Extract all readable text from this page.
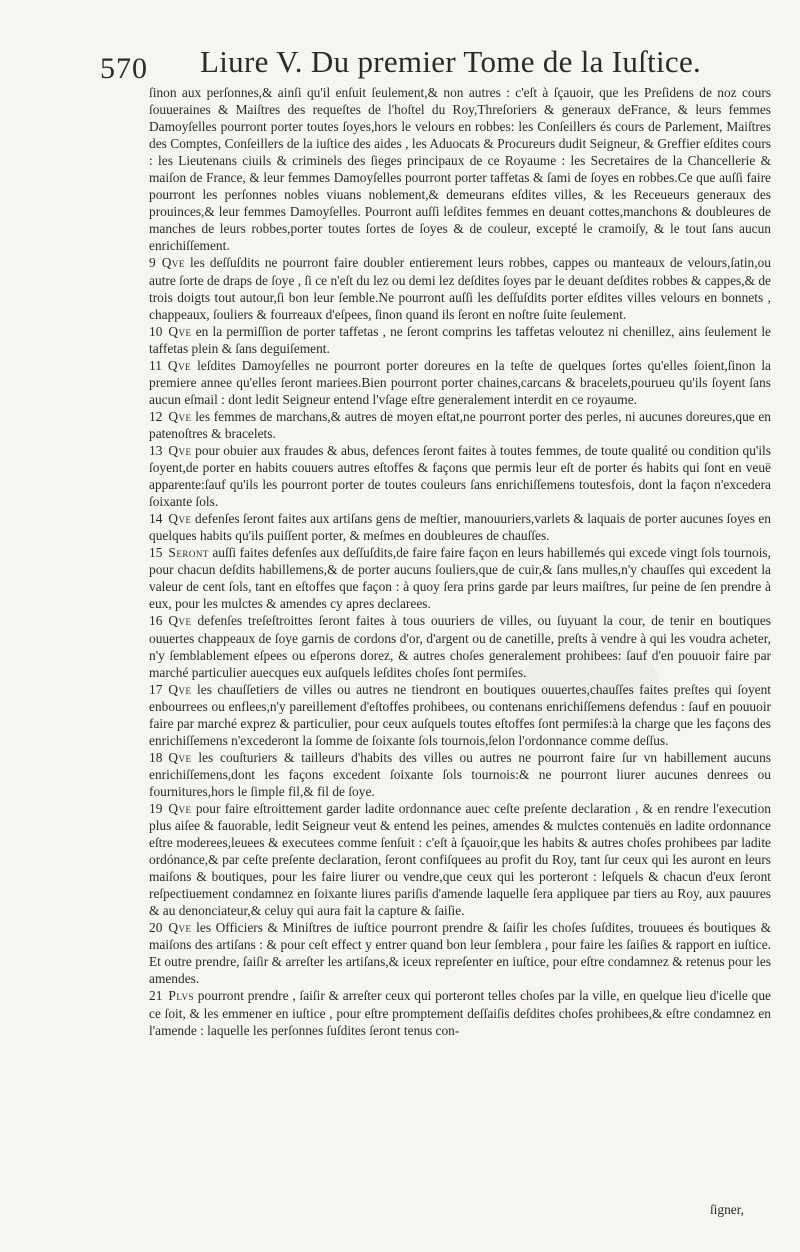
570 Liure V. Du premier Tome de la Iuſtice.

ſinon aux perſonnes,& ainſi qu'il enſuit ſeulement,& non autres : c'eſt à ſçauoir, que les Preſidens de noz cours ſouueraines & Maiſtres des requeſtes de l'hoſtel du Roy,Threſoriers & generaux deFrance, & leurs femmes Damoyſelles pourront porter toutes ſoyes,hors le velours en robbes: les Conſeillers és cours de Parlement, Maiſtres des Comptes, Conſeillers de la iuſtice des aides , les Aduocats & Procureurs dudit Seigneur, & Greffier eſdites cours : les Lieutenans ciuils & criminels des ſieges principaux de ce Royaume : les Secretaires de la Chancellerie & maiſon de France, & leur femmes Damoyſelles pourront porter taffetas & ſami de ſoyes en robbes.Ce que auſſi faire pourront les perſonnes nobles viuans noblement,& demeurans eſdites villes, & les Receueurs generaux des prouinces,& leur femmes Damoyſelles. Pourront auſſi leſdites femmes en deuant cottes,manchons & doubleures de manches de leurs robbes,porter toutes ſortes de ſoyes & de couleur, excepté le cramoiſy, & le tout ſans aucun enrichiſſement.

9 Qve les deſſuſdits ne pourront faire doubler entierement leurs robbes, cappes ou manteaux de velours,ſatin,ou autre ſorte de draps de ſoye , ſi ce n'eſt du lez ou demi lez deſdites ſoyes par le deuant deſdites robbes & cappes,& de trois doigts tout autour,ſi bon leur ſemble.Ne pourront auſſi les deſſuſdits porter eſdites villes velours en bonnets , chappeaux, ſouliers & fourreaux d'eſpees, ſinon quand ils ſeront en noſtre ſuite ſeulement.

10 Qve en la permiſſion de porter taffetas , ne ſeront comprins les taffetas veloutez ni chenillez, ains ſeulement le taffetas plein & ſans deguiſement.

11 Qve leſdites Damoyſelles ne pourront porter doreures en la teſte de quelques ſortes qu'elles ſoient,ſinon la premiere annee qu'elles ſeront mariees.Bien pourront porter chaines,carcans & bracelets,pourueu qu'ils ſoyent ſans aucun eſmail : dont ledit Seigneur entend l'vſage eſtre generalement interdit en ce royaume.

12 Qve les femmes de marchans,& autres de moyen eſtat,ne pourront porter des perles, ni aucunes doreures,que en patenoſtres & bracelets.

13 Qve pour obuier aux fraudes & abus, defences ſeront faites à toutes femmes, de toute qualité ou condition qu'ils ſoyent,de porter en habits couuers autres eſtoffes & façons que permis leur eſt de porter és habits qui ſont en veuë apparente:ſauf qu'ils les pourront porter de toutes couleurs ſans enrichiſſemens toutesfois, dont la façon n'excedera ſoixante ſols.

14 Qve defenſes ſeront faites aux artiſans gens de meſtier, manouuriers,varlets & laquais de porter aucunes ſoyes en quelques habits qu'ils puiſſent porter, & meſmes en doubleures de chauſſes.

15 Seront auſſi faites defenſes aux deſſuſdits,de faire faire façon en leurs habillemés qui excede vingt ſols tournois, pour chacun deſdits habillemens,& de porter aucuns ſouliers,que de cuir,& ſans mulles,n'y chauſſes qui excedent la valeur de cent ſols, tant en eſtoffes que façon : à quoy ſera prins garde par leurs maiſtres, ſur peine de ſen prendre à eux, pour les mulctes & amendes cy apres declarees.

16 Qve defenſes treſeſtroittes ſeront faites à tous ouuriers de villes, ou ſuyuant la cour, de tenir en boutiques ouuertes chappeaux de ſoye garnis de cordons d'or, d'argent ou de canetille, preſts à vendre à qui les voudra acheter, n'y ſemblablement eſpees ou eſperons dorez, & autres choſes generalement prohibees: ſauf d'en pouuoir faire par marché particulier auecques eux auſquels leſdites choſes ſont permiſes.

17 Qve les chauſſetiers de villes ou autres ne tiendront en boutiques ouuertes,chauſſes faites preſtes qui ſoyent enbourrees ou enflees,n'y pareillement d'eſtoffes prohibees, ou contenans enrichiſſemens defendus : ſauf en pouuoir faire par marché exprez & particulier, pour ceux auſquels toutes eſtoffes ſont permiſes:à la charge que les façons des enrichiſſemens n'excederont la ſomme de ſoixante ſols tournois,ſelon l'ordonnance comme deſſus.

18 Qve les couſturiers & tailleurs d'habits des villes ou autres ne pourront faire ſur vn habillement aucuns enrichiſſemens,dont les façons excedent ſoixante ſols tournois:& ne pourront liurer aucunes denrees ou fournitures,hors le ſimple fil,& fil de ſoye.

19 Qve pour faire eſtroittement garder ladite ordonnance auec ceſte preſente declaration , & en rendre l'execution plus aiſee & fauorable, ledit Seigneur veut & entend les peines, amendes & mulctes contenuës en ladite ordonnance eſtre moderees,leuees & executees comme ſenſuit : c'eſt à ſçauoir,que les habits & autres choſes prohibees par ladite ordónance,& par ceſte preſente declaration, ſeront confiſquees au profit du Roy, tant ſur ceux qui les auront en leurs maiſons & boutiques, pour les faire liurer ou vendre,que ceux qui les porteront : leſquels & chacun d'eux ſeront reſpectiuement condamnez en ſoixante liures pariſis d'amende laquelle ſera appliquee par tiers au Roy, aux pauures & au denonciateur,& celuy qui aura fait la capture & ſaiſie.

20 Qve les Officiers & Miniſtres de iuſtice pourront prendre & ſaiſir les choſes ſuſdites, trouuees és boutiques & maiſons des artiſans : & pour ceſt effect y entrer quand bon leur ſemblera , pour faire les ſaiſies & rapport en iuſtice. Et outre prendre, ſaiſir & arreſter les artiſans,& iceux repreſenter en iuſtice, pour eſtre condamnez & retenus pour les amendes.

21 Plvs pourront prendre , ſaiſir & arreſter ceux qui porteront telles choſes par la ville, en quelque lieu d'icelle que ce ſoit, & les emmener en iuſtice , pour eſtre promptement deſſaiſis deſdites choſes prohibees,& eſtre condamnez en l'amende : laquelle les perſonnes ſuſdites ſeront tenus con-

ſigner,
